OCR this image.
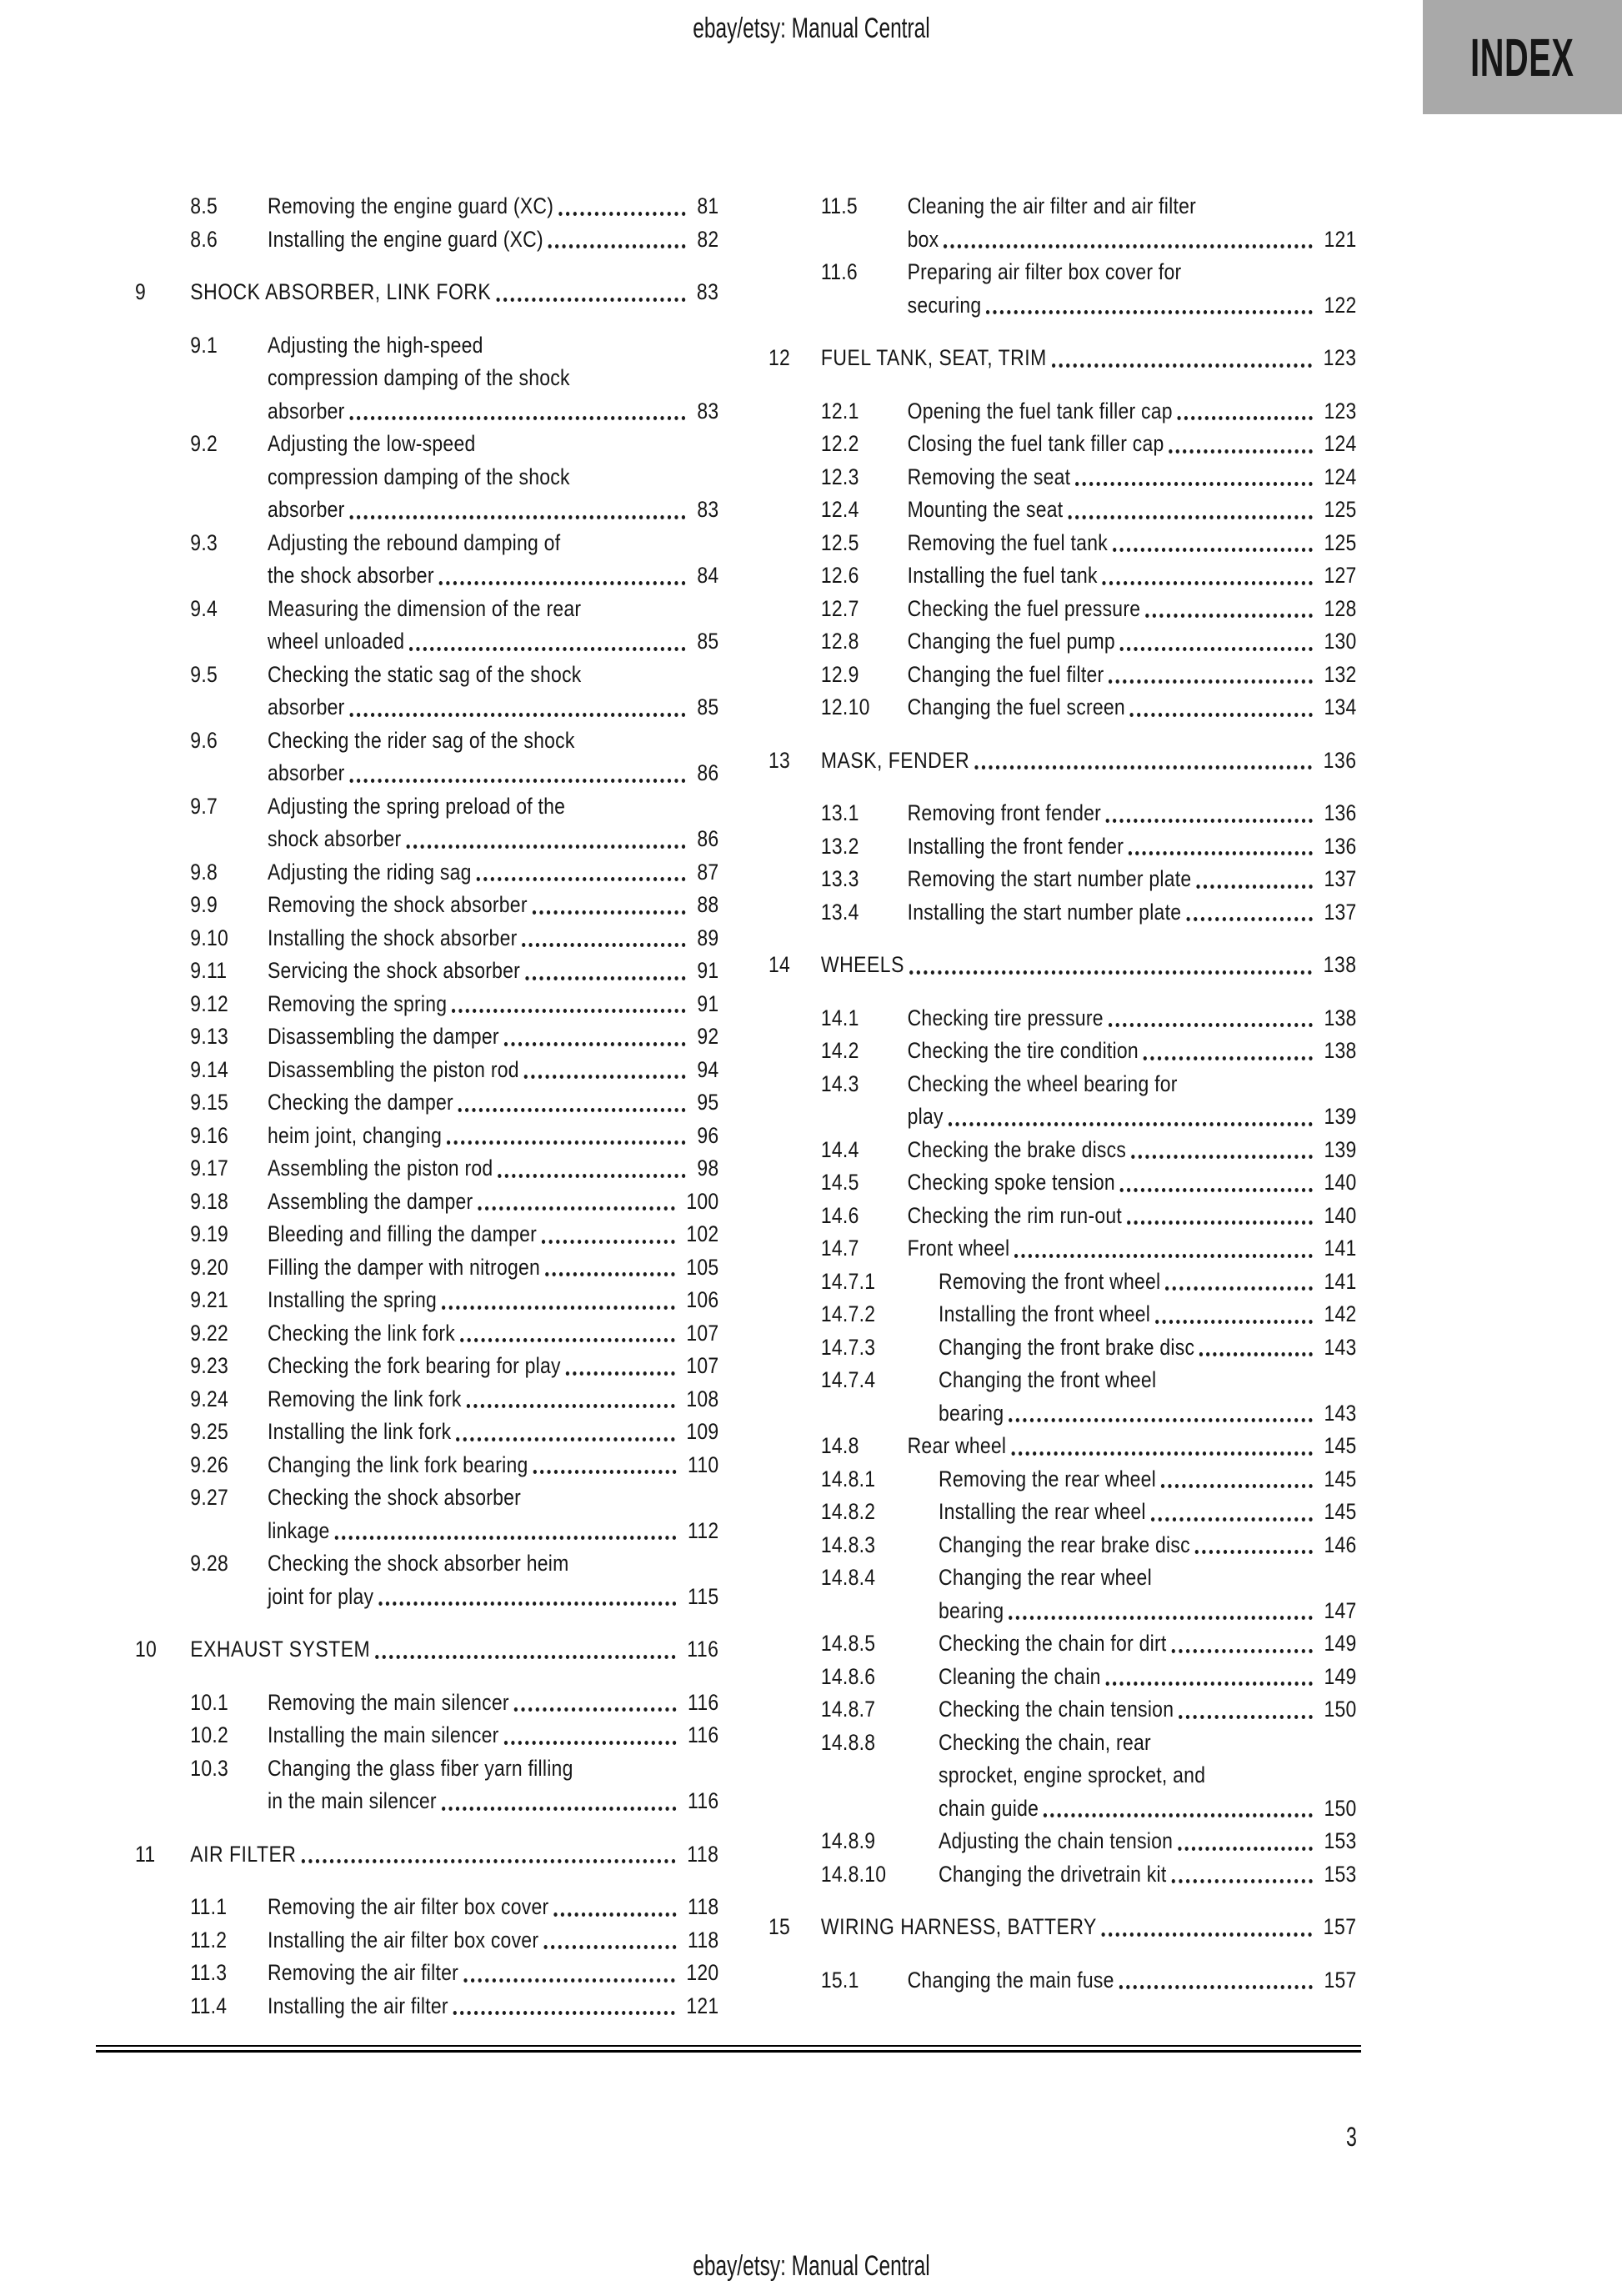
ebay/etsy: Manual Central	INDEX
8.5	Removing the engine guard (XC)	81
8.6	Installing the engine guard (XC)	82
9	SHOCK ABSORBER, LINK FORK	83
9.1	Adjusting the high-speed
compression damping of the shock
absorber	83
9.2	Adjusting the low-speed
compression damping of the shock
absorber	83
9.3	Adjusting the rebound damping of
the shock absorber	84
9.4	Measuring the dimension of the rear
wheel unloaded	85
9.5	Checking the static sag of the shock
absorber	85
9.6	Checking the rider sag of the shock
absorber	86
9.7	Adjusting the spring preload of the
shock absorber	86
9.8	Adjusting the riding sag	87
9.9	Removing the shock absorber	88
9.10	Installing the shock absorber	89
9.11	Servicing the shock absorber	91
9.12	Removing the spring	91
9.13	Disassembling the damper	92
9.14	Disassembling the piston rod	94
9.15	Checking the damper	95
9.16	heim joint, changing	96
9.17	Assembling the piston rod	98
9.18	Assembling the damper	100
9.19	Bleeding and filling the damper	102
9.20	Filling the damper with nitrogen	105
9.21	Installing the spring	106
9.22	Checking the link fork	107
9.23	Checking the fork bearing for play	107
9.24	Removing the link fork	108
9.25	Installing the link fork	109
9.26	Changing the link fork bearing	110
9.27	Checking the shock absorber
linkage	112
9.28	Checking the shock absorber heim
joint for play	115
10	EXHAUST SYSTEM	116
10.1	Removing the main silencer	116
10.2	Installing the main silencer	116
10.3	Changing the glass fiber yarn filling
in the main silencer	116
11	AIR FILTER	118
11.1	Removing the air filter box cover	118
11.2	Installing the air filter box cover	118
11.3	Removing the air filter	120
11.4	Installing the air filter	121
11.5	Cleaning the air filter and air filter
box	121
11.6	Preparing air filter box cover for
securing	122
12	FUEL TANK, SEAT, TRIM	123
12.1	Opening the fuel tank filler cap	123
12.2	Closing the fuel tank filler cap	124
12.3	Removing the seat	124
12.4	Mounting the seat	125
12.5	Removing the fuel tank	125
12.6	Installing the fuel tank	127
12.7	Checking the fuel pressure	128
12.8	Changing the fuel pump	130
12.9	Changing the fuel filter	132
12.10	Changing the fuel screen	134
13	MASK, FENDER	136
13.1	Removing front fender	136
13.2	Installing the front fender	136
13.3	Removing the start number plate	137
13.4	Installing the start number plate	137
14	WHEELS	138
14.1	Checking tire pressure	138
14.2	Checking the tire condition	138
14.3	Checking the wheel bearing for
play	139
14.4	Checking the brake discs	139
14.5	Checking spoke tension	140
14.6	Checking the rim run-out	140
14.7	Front wheel	141
14.7.1	Removing the front wheel	141
14.7.2	Installing the front wheel	142
14.7.3	Changing the front brake disc	143
14.7.4	Changing the front wheel
bearing	143
14.8	Rear wheel	145
14.8.1	Removing the rear wheel	145
14.8.2	Installing the rear wheel	145
14.8.3	Changing the rear brake disc	146
14.8.4	Changing the rear wheel
bearing	147
14.8.5	Checking the chain for dirt	149
14.8.6	Cleaning the chain	149
14.8.7	Checking the chain tension	150
14.8.8	Checking the chain, rear
sprocket, engine sprocket, and
chain guide	150
14.8.9	Adjusting the chain tension	153
14.8.10	Changing the drivetrain kit	153
15	WIRING HARNESS, BATTERY	157
15.1	Changing the main fuse	157
3
ebay/etsy: Manual Central
